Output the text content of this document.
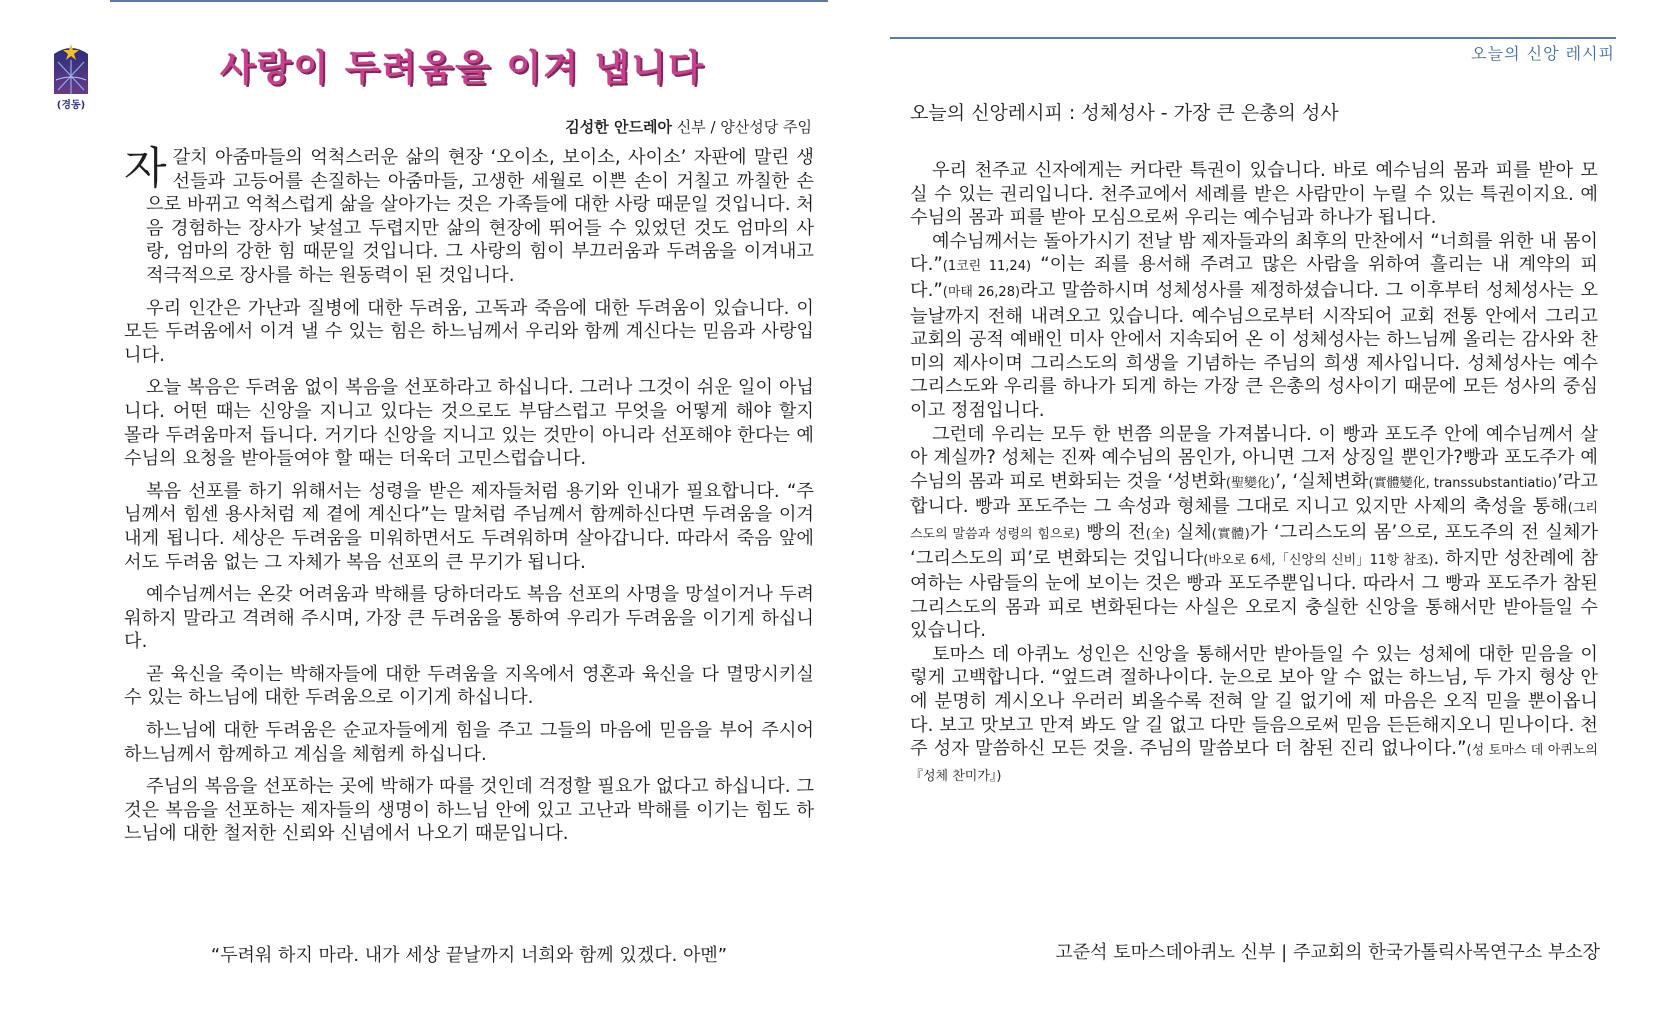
(경동)
사랑이 두려움을 이겨 냅니다
김성한 안드레아 신부 / 양산성당 주임

자갈치 아줌마들의 억척스러운 삶의 현장 ‘오이소, 보이소, 사이소’ 자판에 말린 생선들과 고등어를 손질하는 아줌마들, 고생한 세월로 이쁜 손이 거칠고 까칠한 손으로 바뀌고 억척스럽게 삶을 살아가는 것은 가족들에 대한 사랑 때문일 것입니다. 처음 경험하는 장사가 낯설고 두렵지만 삶의 현장에 뛰어들 수 있었던 것도 엄마의 사랑, 엄마의 강한 힘 때문일 것입니다. 그 사랑의 힘이 부끄러움과 두려움을 이겨내고 적극적으로 장사를 하는 원동력이 된 것입니다.

우리 인간은 가난과 질병에 대한 두려움, 고독과 죽음에 대한 두려움이 있습니다. 이 모든 두려움에서 이겨 낼 수 있는 힘은 하느님께서 우리와 함께 계신다는 믿음과 사랑입니다.

오늘 복음은 두려움 없이 복음을 선포하라고 하십니다. 그러나 그것이 쉬운 일이 아닙니다. 어떤 때는 신앙을 지니고 있다는 것으로도 부담스럽고 무엇을 어떻게 해야 할지 몰라 두려움마저 듭니다. 거기다 신앙을 지니고 있는 것만이 아니라 선포해야 한다는 예수님의 요청을 받아들여야 할 때는 더욱더 고민스럽습니다.

복음 선포를 하기 위해서는 성령을 받은 제자들처럼 용기와 인내가 필요합니다. “주님께서 힘센 용사처럼 제 곁에 계신다”는 말처럼 주님께서 함께하신다면 두려움을 이겨내게 됩니다. 세상은 두려움을 미워하면서도 두려워하며 살아갑니다. 따라서 죽음 앞에서도 두려움 없는 그 자체가 복음 선포의 큰 무기가 됩니다.

예수님께서는 온갖 어려움과 박해를 당하더라도 복음 선포의 사명을 망설이거나 두려워하지 말라고 격려해 주시며, 가장 큰 두려움을 통하여 우리가 두려움을 이기게 하십니다.

곧 육신을 죽이는 박해자들에 대한 두려움을 지옥에서 영혼과 육신을 다 멸망시키실 수 있는 하느님에 대한 두려움으로 이기게 하십니다.

하느님에 대한 두려움은 순교자들에게 힘을 주고 그들의 마음에 믿음을 부어 주시어 하느님께서 함께하고 계심을 체험케 하십니다.

주님의 복음을 선포하는 곳에 박해가 따를 것인데 걱정할 필요가 없다고 하십니다. 그것은 복음을 선포하는 제자들의 생명이 하느님 안에 있고 고난과 박해를 이기는 힘도 하느님에 대한 철저한 신뢰와 신념에서 나오기 때문입니다.

“두려워 하지 마라. 내가 세상 끝날까지 너희와 함께 있겠다. 아멘”
오늘의 신앙 레시피
오늘의 신앙레시피 : 성체성사 - 가장 큰 은총의 성사

우리 천주교 신자에게는 커다란 특권이 있습니다. 바로 예수님의 몸과 피를 받아 모실 수 있는 권리입니다. 천주교에서 세례를 받은 사람만이 누릴 수 있는 특권이지요. 예수님의 몸과 피를 받아 모심으로써 우리는 예수님과 하나가 됩니다.

예수님께서는 돌아가시기 전날 밤 제자들과의 최후의 만찬에서 “너희를 위한 내 몸이다.”(1코린 11,24) “이는 죄를 용서해 주려고 많은 사람을 위하여 흘리는 내 계약의 피다.”(마태 26,28)라고 말씀하시며 성체성사를 제정하셨습니다. 그 이후부터 성체성사는 오늘날까지 전해 내려오고 있습니다. 예수님으로부터 시작되어 교회 전통 안에서 그리고 교회의 공적 예배인 미사 안에서 지속되어 온 이 성체성사는 하느님께 올리는 감사와 찬미의 제사이며 그리스도의 희생을 기념하는 주님의 희생 제사입니다. 성체성사는 예수 그리스도와 우리를 하나가 되게 하는 가장 큰 은총의 성사이기 때문에 모든 성사의 중심이고 정점입니다.

그런데 우리는 모두 한 번쯤 의문을 가져봅니다. 이 빵과 포도주 안에 예수님께서 살아 계실까? 성체는 진짜 예수님의 몸인가, 아니면 그저 상징일 뿐인가?빵과 포도주가 예수님의 몸과 피로 변화되는 것을 ‘성변화(聖變化)’, ‘실체변화(實體變化, transsubstantiatio)’라고 합니다. 빵과 포도주는 그 속성과 형체를 그대로 지니고 있지만 사제의 축성을 통해(그리스도의 말씀과 성령의 힘으로) 빵의 전(全) 실체(實體)가 ‘그리스도의 몸’으로, 포도주의 전 실체가 ‘그리스도의 피’로 변화되는 것입니다(바오로 6세,「신앙의 신비」11항 참조). 하지만 성찬례에 참여하는 사람들의 눈에 보이는 것은 빵과 포도주뿐입니다. 따라서 그 빵과 포도주가 참된 그리스도의 몸과 피로 변화된다는 사실은 오로지 충실한 신앙을 통해서만 받아들일 수 있습니다.

토마스 데 아퀴노 성인은 신앙을 통해서만 받아들일 수 있는 성체에 대한 믿음을 이렇게 고백합니다. “엎드려 절하나이다. 눈으로 보아 알 수 없는 하느님, 두 가지 형상 안에 분명히 계시오나 우러러 뵈올수록 전혀 알 길 없기에 제 마음은 오직 믿을 뿐이옵니다. 보고 맛보고 만져 봐도 알 길 없고 다만 들음으로써 믿음 든든해지오니 믿나이다. 천주 성자 말씀하신 모든 것을. 주님의 말씀보다 더 참된 진리 없나이다.”(성 토마스 데 아퀴노의『성체 찬미가』)

고준석 토마스데아퀴노 신부 | 주교회의 한국가톨릭사목연구소 부소장
